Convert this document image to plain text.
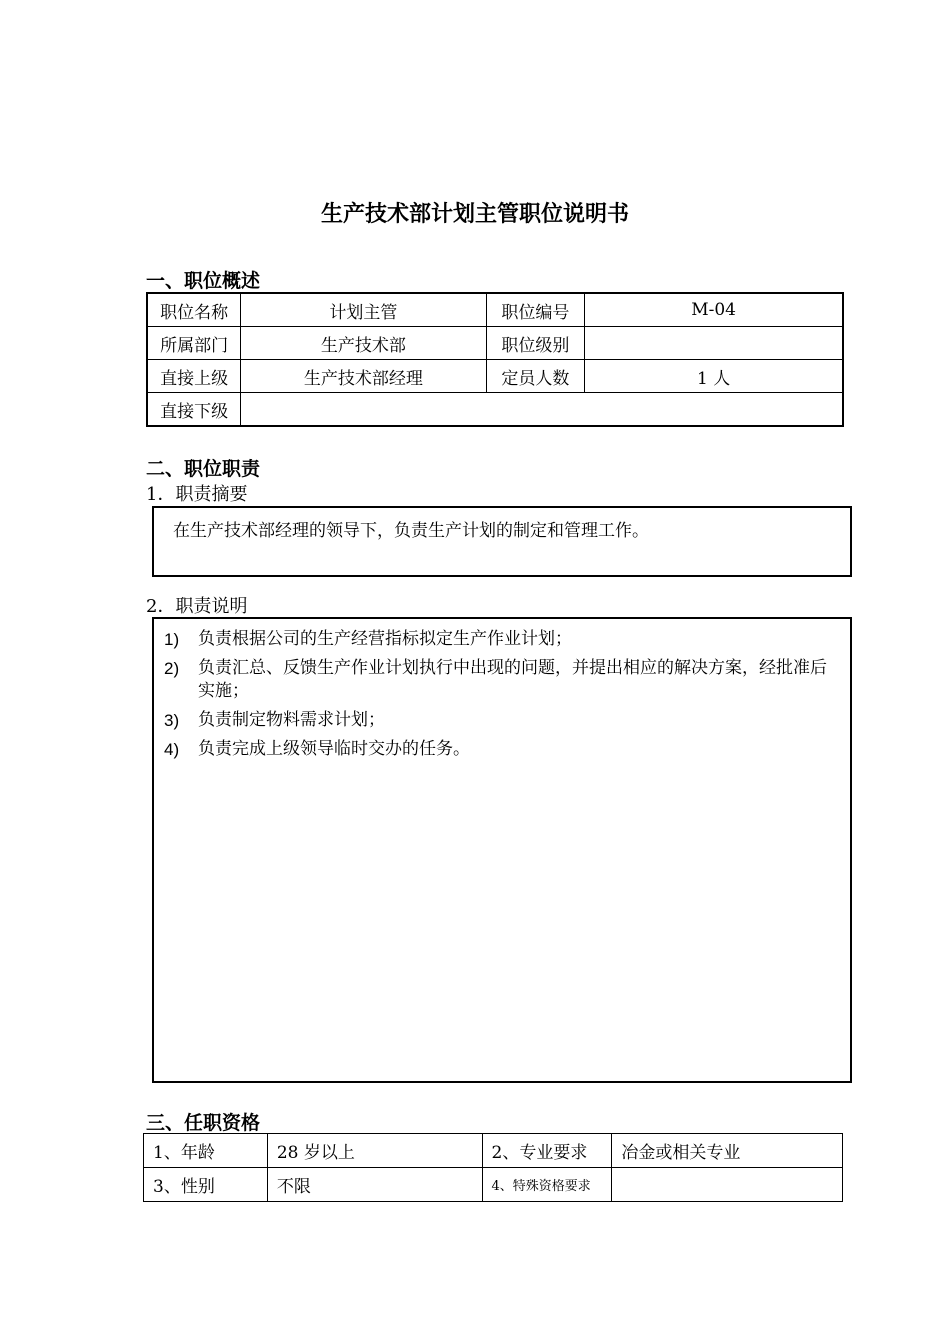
生产技术部计划主管职位说明书
一、职位概述
职位名称	计划主管	职位编号	M-04
所属部门	生产技术部	职位级别	
直接上级	生产技术部经理	定员人数	1 人
直接下级			
二、职位职责
1．职责摘要
在生产技术部经理的领导下，负责生产计划的制定和管理工作。
2．职责说明
1)	负责根据公司的生产经营指标拟定生产作业计划；
2)	负责汇总、反馈生产作业计划执行中出现的问题，并提出相应的解决方案，经批准后实施；
3)	负责制定物料需求计划；
4)	负责完成上级领导临时交办的任务。
三、任职资格
1、年龄	28 岁以上	2、专业要求	冶金或相关专业
3、性别	不限	4、特殊资格要求	
